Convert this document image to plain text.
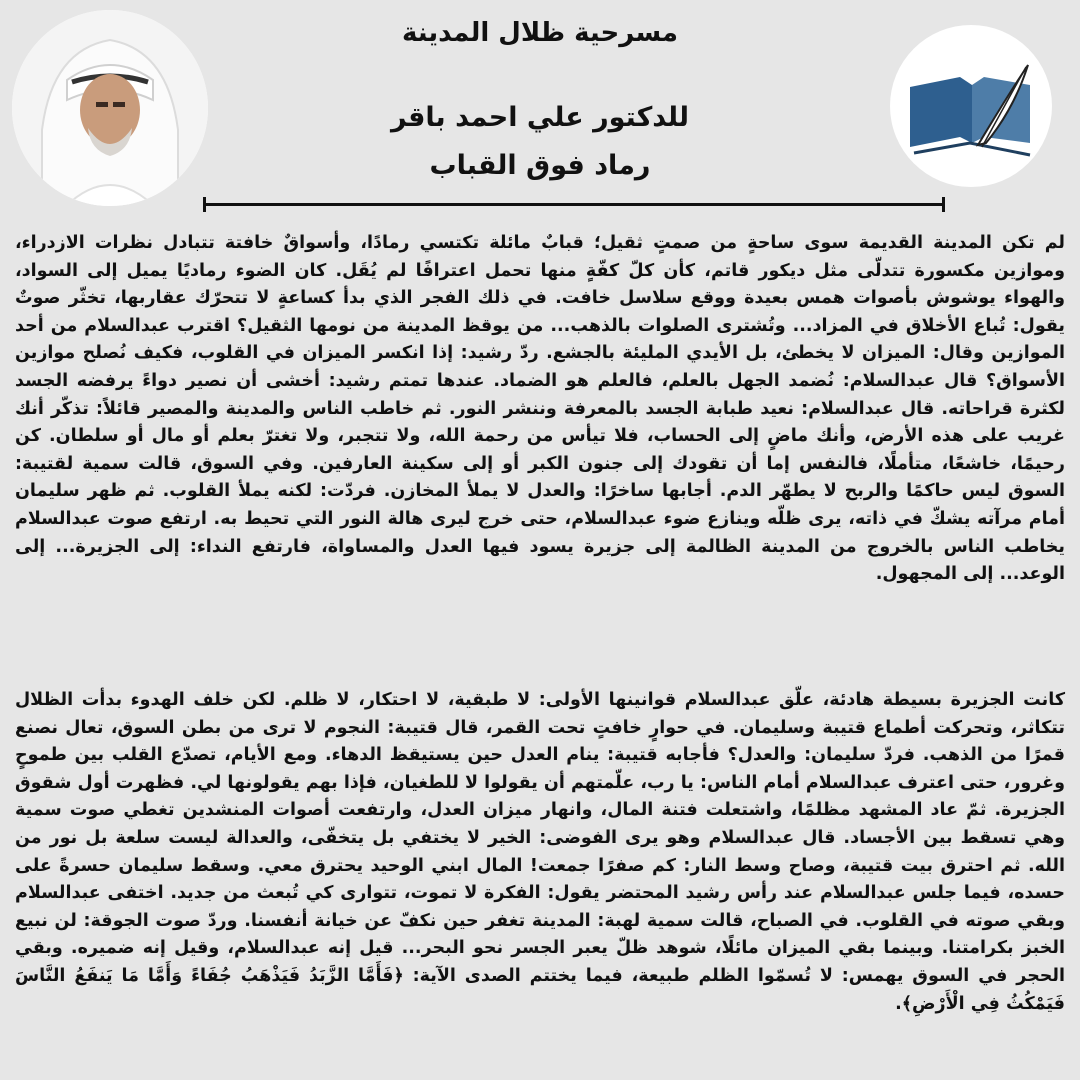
مسرحية ظلال المدينة
للدكتور علي احمد باقر
رماد فوق القباب

لم تكن المدينة القديمة سوى ساحةٍ من صمتٍ ثقيل؛ قبابٌ مائلة تكتسي رمادًا، وأسواقٌ خافتة تتبادل نظرات الازدراء، وموازين مكسورة تتدلّى مثل ديكور قاتم، كأن كلّ كفّةٍ منها تحمل اعترافًا لم يُقَل. كان الضوء رماديًا يميل إلى السواد، والهواء يوشوش بأصوات همس بعيدة ووقع سلاسل خافت. في ذلك الفجر الذي بدأ كساعةٍ لا تتحرّك عقاربها، تخثّر صوتٌ يقول: تُباع الأخلاق في المزاد... وتُشترى الصلوات بالذهب... من يوقظ المدينة من نومها الثقيل؟ اقترب عبدالسلام من أحد الموازين وقال: الميزان لا يخطئ، بل الأيدي المليئة بالجشع. ردّ رشيد: إذا انكسر الميزان في القلوب، فكيف نُصلح موازين الأسواق؟ قال عبدالسلام: نُضمد الجهل بالعلم، فالعلم هو الضماد. عندها تمتم رشيد: أخشى أن نصير دواءً يرفضه الجسد لكثرة قراحاته. قال عبدالسلام: نعيد طبابة الجسد بالمعرفة وننشر النور. ثم خاطب الناس والمدينة والمصير قائلاً: تذكّر أنك غريب على هذه الأرض، وأنك ماضٍ إلى الحساب، فلا تيأس من رحمة الله، ولا تتجبر، ولا تغترّ بعلم أو مال أو سلطان. كن رحيمًا، خاشعًا، متأملًا، فالنفس إما أن تقودك إلى جنون الكبر أو إلى سكينة العارفين. وفي السوق، قالت سمية لقتيبة: السوق ليس حاكمًا والربح لا يطهّر الدم. أجابها ساخرًا: والعدل لا يملأ المخازن. فردّت: لكنه يملأ القلوب. ثم ظهر سليمان أمام مرآته يشكّ في ذاته، يرى ظلّه وينازع ضوء عبدالسلام، حتى خرج ليرى هالة النور التي تحيط به. ارتفع صوت عبدالسلام يخاطب الناس بالخروج من المدينة الظالمة إلى جزيرة يسود فيها العدل والمساواة، فارتفع النداء: إلى الجزيرة... إلى الوعد... إلى المجهول.

كانت الجزيرة بسيطة هادئة، علّق عبدالسلام قوانينها الأولى: لا طبقية، لا احتكار، لا ظلم. لكن خلف الهدوء بدأت الظلال تتكاثر، وتحركت أطماع قتيبة وسليمان. في حوارٍ خافتٍ تحت القمر، قال قتيبة: النجوم لا ترى من بطن السوق، تعال نصنع قمرًا من الذهب. فردّ سليمان: والعدل؟ فأجابه قتيبة: ينام العدل حين يستيقظ الدهاء. ومع الأيام، تصدّع القلب بين طموحٍ وغرور، حتى اعترف عبدالسلام أمام الناس: يا رب، علّمتهم أن يقولوا لا للطغيان، فإذا بهم يقولونها لي. فظهرت أول شقوق الجزيرة. ثمّ عاد المشهد مظلمًا، واشتعلت فتنة المال، وانهار ميزان العدل، وارتفعت أصوات المنشدين تغطي صوت سمية وهي تسقط بين الأجساد. قال عبدالسلام وهو يرى الفوضى: الخير لا يختفي بل يتخفّى، والعدالة ليست سلعة بل نور من الله. ثم احترق بيت قتيبة، وصاح وسط النار: كم صفرًا جمعت! المال ابني الوحيد يحترق معي. وسقط سليمان حسرةً على حسده، فيما جلس عبدالسلام عند رأس رشيد المحتضر يقول: الفكرة لا تموت، تتوارى كي تُبعث من جديد. اختفى عبدالسلام وبقي صوته في القلوب. في الصباح، قالت سمية لهبة: المدينة تغفر حين نكفّ عن خيانة أنفسنا. وردّ صوت الجوقة: لن نبيع الخبز بكرامتنا. وبينما بقي الميزان مائلًا، شوهد ظلّ يعبر الجسر نحو البحر... قيل إنه عبدالسلام، وقيل إنه ضميره. وبقي الحجر في السوق يهمس: لا تُسمّوا الظلم طبيعة، فيما يختتم الصدى الآية: ﴿فَأَمَّا الزَّبَدُ فَيَذْهَبُ جُفَاءً وَأَمَّا مَا يَنفَعُ النَّاسَ فَيَمْكُثُ فِي الْأَرْضِ﴾.
